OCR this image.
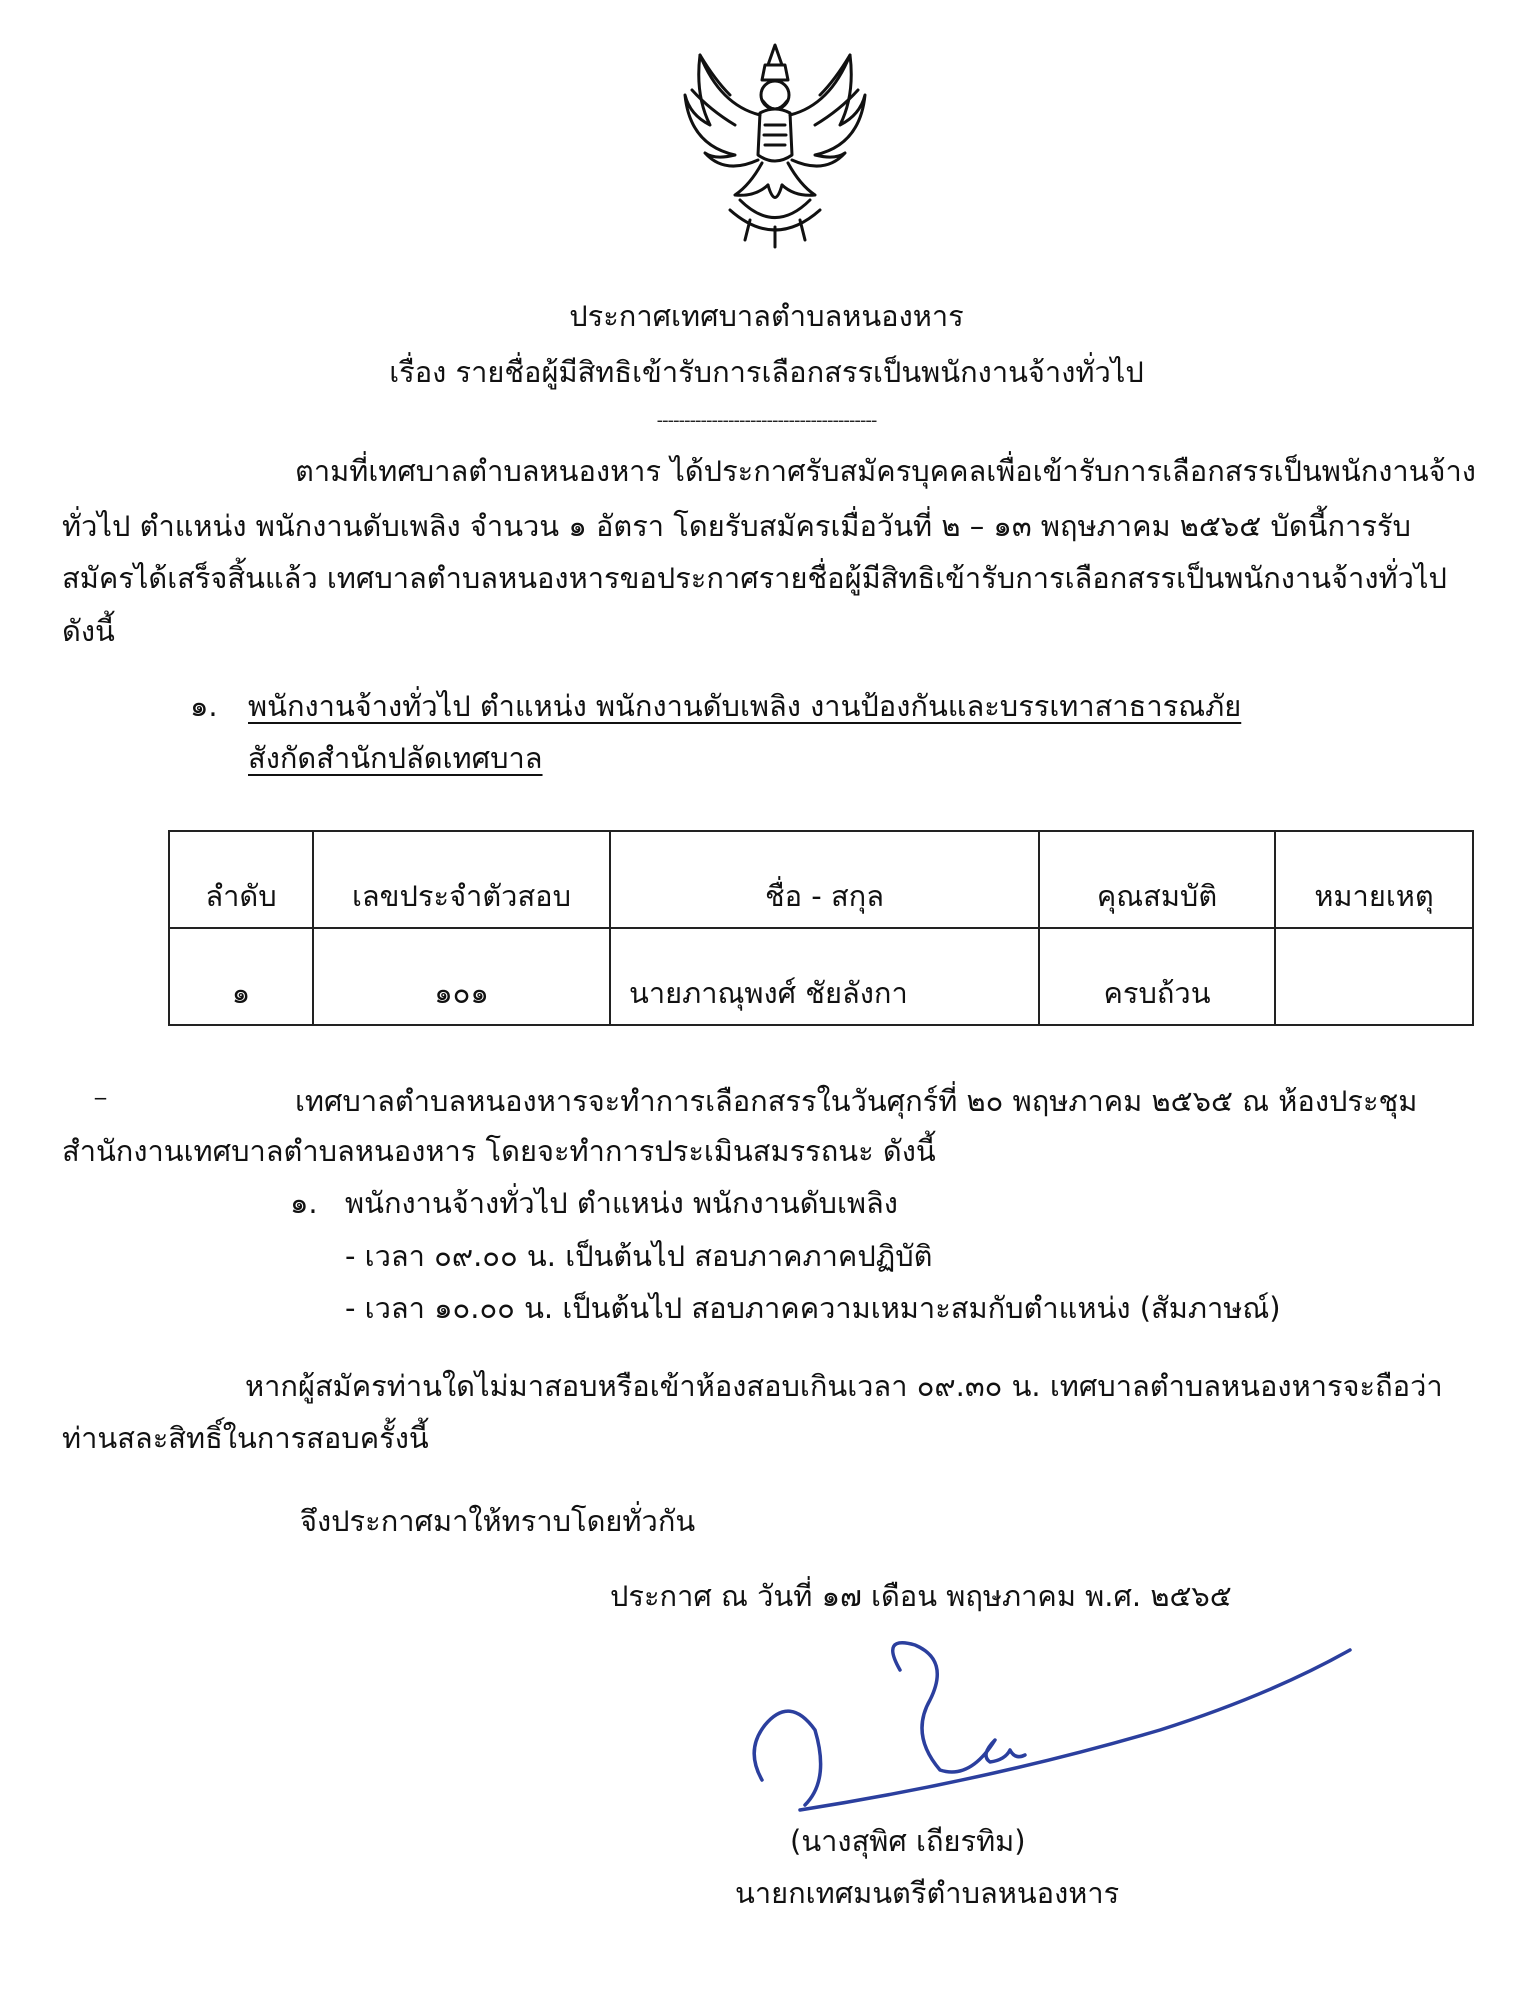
ประกาศเทศบาลตำบลหนองหาร
เรื่อง รายชื่อผู้มีสิทธิเข้ารับการเลือกสรรเป็นพนักงานจ้างทั่วไป
----------------------------------------
ตามที่เทศบาลตำบลหนองหาร ได้ประกาศรับสมัครบุคคลเพื่อเข้ารับการเลือกสรรเป็นพนักงานจ้าง
ทั่วไป ตำแหน่ง พนักงานดับเพลิง จำนวน ๑ อัตรา โดยรับสมัครเมื่อวันที่ ๒ – ๑๓ พฤษภาคม ๒๕๖๕ บัดนี้การรับ
สมัครได้เสร็จสิ้นแล้ว เทศบาลตำบลหนองหารขอประกาศรายชื่อผู้มีสิทธิเข้ารับการเลือกสรรเป็นพนักงานจ้างทั่วไป
ดังนี้
๑. พนักงานจ้างทั่วไป ตำแหน่ง พนักงานดับเพลิง งานป้องกันและบรรเทาสาธารณภัย
สังกัดสำนักปลัดเทศบาล
ลำดับ	เลขประจำตัวสอบ	ชื่อ - สกุล	คุณสมบัติ	หมายเหตุ
๑	๑๐๑	นายภาณุพงศ์ ชัยลังกา	ครบถ้วน	
_	เทศบาลตำบลหนองหารจะทำการเลือกสรรในวันศุกร์ที่ ๒๐ พฤษภาคม ๒๕๖๕ ณ ห้องประชุม
สำนักงานเทศบาลตำบลหนองหาร โดยจะทำการประเมินสมรรถนะ ดังนี้
๑. พนักงานจ้างทั่วไป ตำแหน่ง พนักงานดับเพลิง
- เวลา ๐๙.๐๐ น. เป็นต้นไป สอบภาคภาคปฏิบัติ
- เวลา ๑๐.๐๐ น. เป็นต้นไป สอบภาคความเหมาะสมกับตำแหน่ง (สัมภาษณ์)
หากผู้สมัครท่านใดไม่มาสอบหรือเข้าห้องสอบเกินเวลา ๐๙.๓๐ น. เทศบาลตำบลหนองหารจะถือว่า
ท่านสละสิทธิ์ในการสอบครั้งนี้
จึงประกาศมาให้ทราบโดยทั่วกัน
ประกาศ ณ วันที่ ๑๗ เดือน พฤษภาคม พ.ศ. ๒๕๖๕
(นางสุพิศ เถียรทิม)
นายกเทศมนตรีตำบลหนองหาร
